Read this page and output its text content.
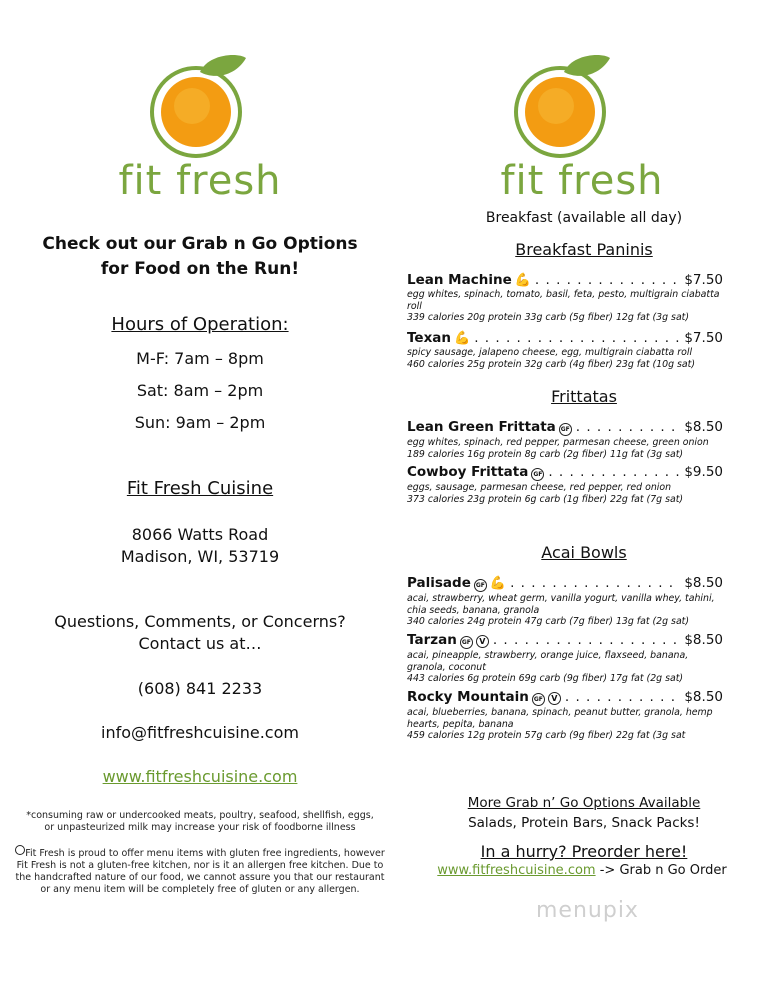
fit fresh
Check out our Grab n Go Options
for Food on the Run!
Hours of Operation:
M-F: 7am – 8pm
Sat: 8am – 2pm
Sun: 9am – 2pm
Fit Fresh Cuisine
8066 Watts Road
Madison, WI, 53719
Questions, Comments, or Concerns?
Contact us at…
(608) 841 2233
info@fitfreshcuisine.com
www.fitfreshcuisine.com
*consuming raw or undercooked meats, poultry, seafood, shellfish, eggs,
or unpasteurized milk may increase your risk of foodborne illness
Fit Fresh is proud to offer menu items with gluten free ingredients, however
Fit Fresh is not a gluten-free kitchen, nor is it an allergen free kitchen. Due to
the handcrafted nature of our food, we cannot assure you that our restaurant
or any menu item will be completely free of gluten or any allergen.
fit fresh
Breakfast (available all day)
Breakfast Paninis
Lean Machine 💪 . . .	$7.50
egg whites, spinach, tomato, basil, feta, pesto, multigrain ciabatta
roll
339 calories 20g protein 33g carb (5g fiber) 12g fat (3g sat)
Texan 💪 . . .	$7.50
spicy sausage, jalapeno cheese, egg, multigrain ciabatta roll
460 calories 25g protein 32g carb (4g fiber) 23g fat (10g sat)
Frittatas
Lean Green Frittata GF . . .	$8.50
egg whites, spinach, red pepper, parmesan cheese, green onion
189 calories 16g protein 8g carb (2g fiber) 11g fat (3g sat)
Cowboy Frittata GF . . .	$9.50
eggs, sausage, parmesan cheese, red pepper, red onion
373 calories 23g protein 6g carb (1g fiber) 22g fat (7g sat)
Acai Bowls
Palisade GF 💪 . . .	$8.50
acai, strawberry, wheat germ, vanilla yogurt, vanilla whey, tahini,
chia seeds, banana, granola
340 calories 24g protein 47g carb (7g fiber) 13g fat (2g sat)
Tarzan GF	V . . .	$8.50
acai, pineapple, strawberry, orange juice, flaxseed, banana,
granola, coconut
443 calories 6g protein 69g carb (9g fiber) 17g fat (2g sat)
Rocky Mountain GF	V . . .	$8.50
acai, blueberries, banana, spinach, peanut butter, granola, hemp
hearts, pepita, banana
459 calories 12g protein 57g carb (9g fiber) 22g fat (3g sat
More Grab n’ Go Options Available
Salads, Protein Bars, Snack Packs!
In a hurry? Preorder here!
www.fitfreshcuisine.com -> Grab n Go Order
menupix
